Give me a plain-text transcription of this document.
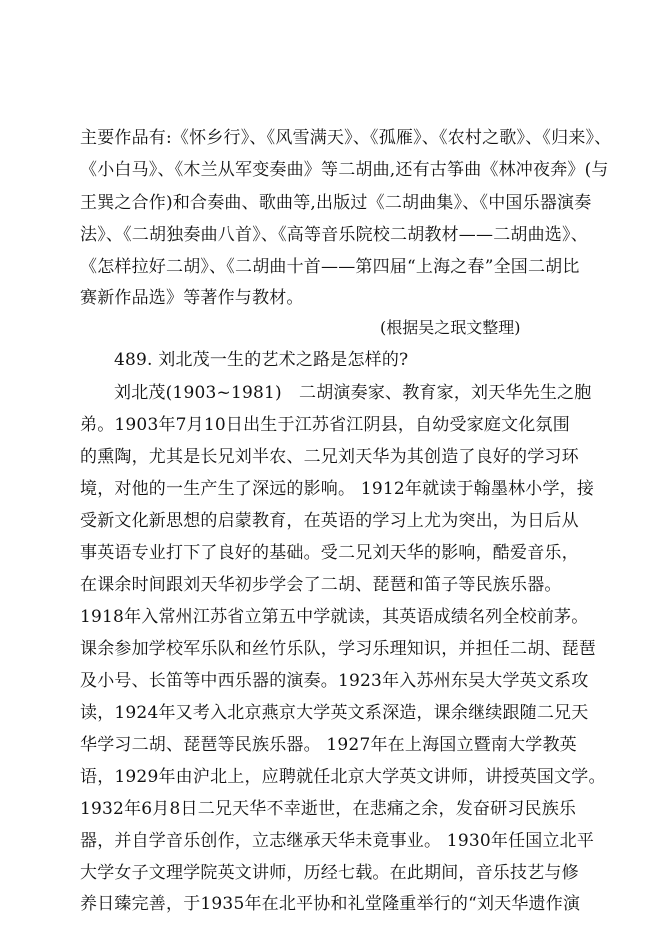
主要作品有:《怀乡行》、《风雪满天》、《孤雁》、《农村之歌》、《归来》、
《小白马》、《木兰从军变奏曲》等二胡曲,还有古筝曲《林冲夜奔》(与
王巽之合作)和合奏曲、歌曲等,出版过《二胡曲集》、《中国乐器演奏
法》、《二胡独奏曲八首》、《高等音乐院校二胡教材——二胡曲选》、
《怎样拉好二胡》、《二胡曲十首——第四届“上海之春”全国二胡比
赛新作品选》等著作与教材。
(根据吴之珉文整理)
489. 刘北茂一生的艺术之路是怎样的?
刘北茂(1903~1981)　二胡演奏家、教育家，刘天华先生之胞
弟。1903年7月10日出生于江苏省江阴县，自幼受家庭文化氛围
的熏陶，尤其是长兄刘半农、二兄刘天华为其创造了良好的学习环
境，对他的一生产生了深远的影响。 1912年就读于翰墨林小学，接
受新文化新思想的启蒙教育，在英语的学习上尤为突出，为日后从
事英语专业打下了良好的基础。受二兄刘天华的影响，酷爱音乐，
在课余时间跟刘天华初步学会了二胡、琵琶和笛子等民族乐器。
1918年入常州江苏省立第五中学就读，其英语成绩名列全校前茅。
课余参加学校军乐队和丝竹乐队，学习乐理知识，并担任二胡、琵琶
及小号、长笛等中西乐器的演奏。1923年入苏州东吴大学英文系攻
读，1924年又考入北京燕京大学英文系深造，课余继续跟随二兄天
华学习二胡、琵琶等民族乐器。 1927年在上海国立暨南大学教英
语，1929年由沪北上，应聘就任北京大学英文讲师，讲授英国文学。
1932年6月8日二兄天华不幸逝世，在悲痛之余，发奋研习民族乐
器，并自学音乐创作，立志继承天华未竟事业。 1930年任国立北平
大学女子文理学院英文讲师，历经七载。在此期间，音乐技艺与修
养日臻完善，于1935年在北平协和礼堂隆重举行的“刘天华遗作演
